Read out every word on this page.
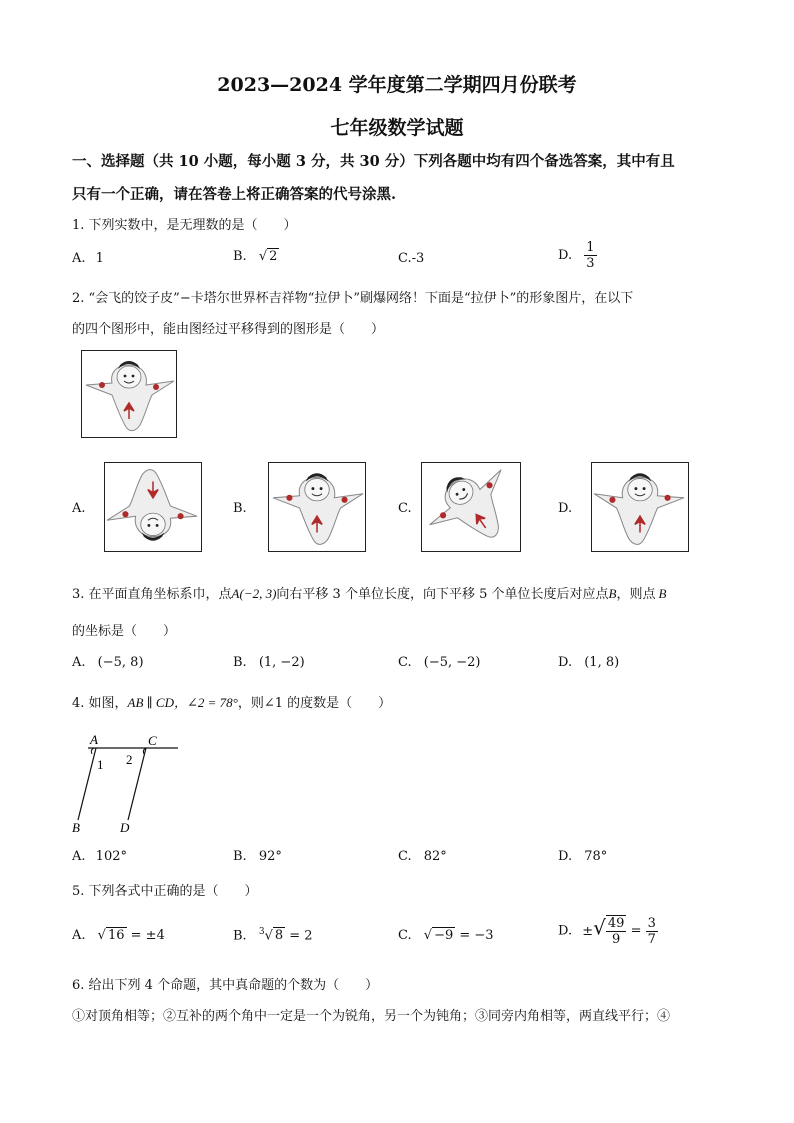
2023—2024 学年度第二学期四月份联考
七年级数学试题
一、选择题（共 10 小题，每小题 3 分，共 30 分）下列各题中均有四个备选答案，其中有且
只有一个正确，请在答卷上将正确答案的代号涂黑.
1. 下列实数中，是无理数的是（　　）
A. 1	B. √ 2	C.-3	D. $\frac{1}{3}$
2. “会飞的饺子皮”−卡塔尔世界杯吉祥物“拉伊卜”刷爆网络！下面是“拉伊卜”的形象图片，在以下
的四个图形中，能由图经过平移得到的图形是（　　）
A.	B.	C.	D.
3. 在平面直角坐标系巾，点A(−2, 3)向右平移 3 个单位长度，向下平移 5 个单位长度后对应点B，则点 B
的坐标是（　　）
A. (−5, 8)	B. (1, −2)	C. (−5, −2)	D. (1, 8)
4. 如图，AB ∥ CD，∠2 = 78°，则∠1 的度数是（　　）
A	C
1 2
B	D
A. 102°	B. 92°	C. 82°	D. 78°
5. 下列各式中正确的是（　　）
A. √ 16 = ±4	B. $^3$√ 8 = 2	C. √ −9 = −3	D. ±√ $\frac{49}{9} = \frac{3}{7}$
6. 给出下列 4 个命题，其中真命题的个数为（　　）
①对顶角相等；②互补的两个角中一定是一个为锐角，另一个为钝角；③同旁内角相等，两直线平行；④
